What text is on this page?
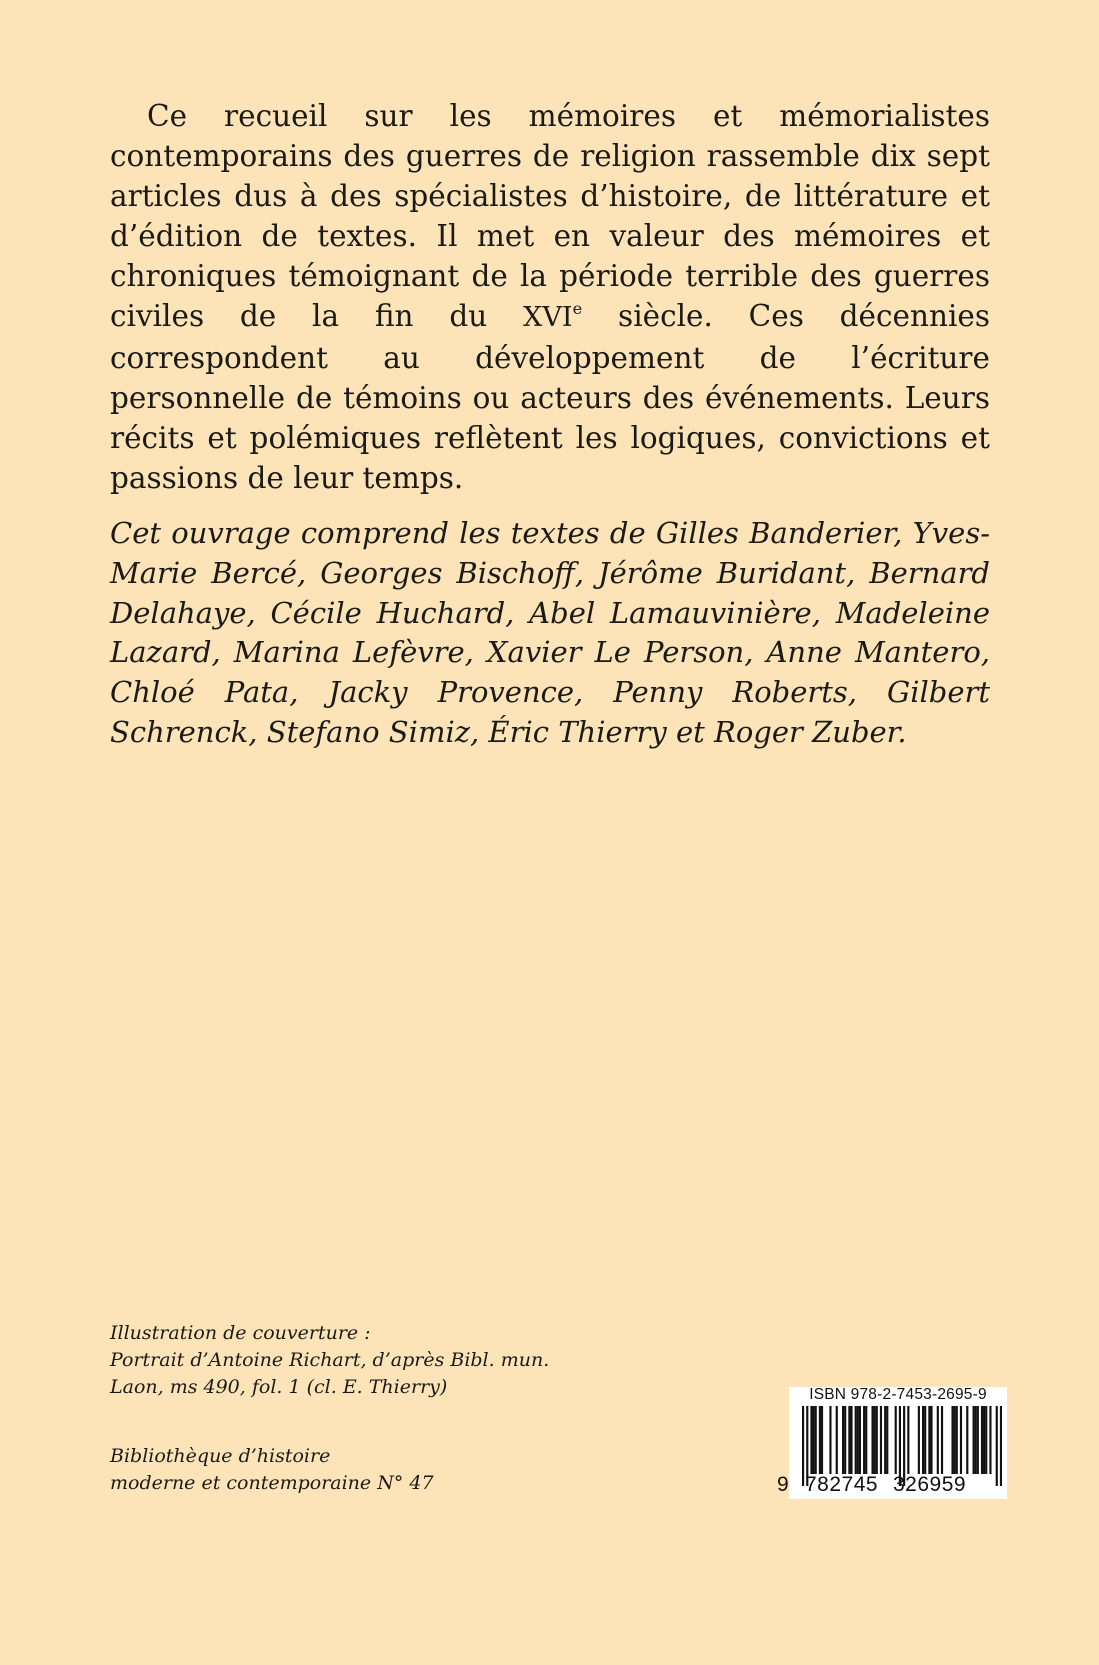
Ce recueil sur les mémoires et mémorialistes contemporains des guerres de religion rassemble dix sept articles dus à des spécialistes d’histoire, de littérature et d’édition de textes. Il met en valeur des mémoires et chroniques témoignant de la période terrible des guerres civiles de la fin du XVIe siècle. Ces décennies correspondent au développement de l’écriture personnelle de témoins ou acteurs des événements. Leurs récits et polémiques reflètent les logiques, convictions et passions de leur temps.

Cet ouvrage comprend les textes de Gilles Banderier, Yves-Marie Bercé, Georges Bischoff, Jérôme Buridant, Bernard Delahaye, Cécile Huchard, Abel Lamauvinière, Madeleine Lazard, Marina Lefèvre, Xavier Le Person, Anne Mantero, Chloé Pata, Jacky Provence, Penny Roberts, Gilbert Schrenck, Stefano Simiz, Éric Thierry et Roger Zuber.

Illustration de couverture :
Portrait d’Antoine Richart, d’après Bibl. mun.
Laon, ms 490, fol. 1 (cl. E. Thierry)
Bibliothèque d’histoire
moderne et contemporaine N° 47
ISBN 978-2-7453-2695-9
9 782745 326959
